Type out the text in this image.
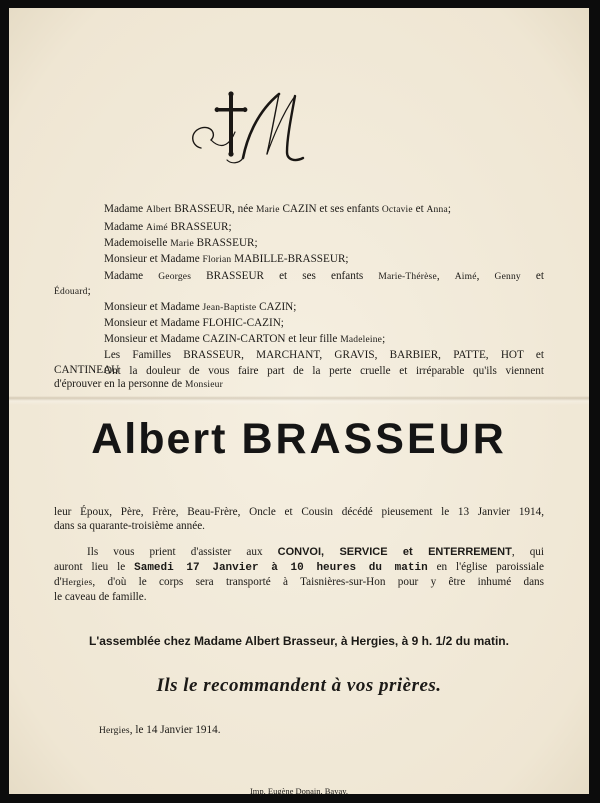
Madame Albert BRASSEUR, née Marie CAZIN et ses enfants Octavie et Anna;
Madame Aimé BRASSEUR;
Mademoiselle Marie BRASSEUR;
Monsieur et Madame Florian MABILLE-BRASSEUR;
Madame Georges BRASSEUR et ses enfants Marie-Thérèse, Aimé, Genny et
Édouard;
Monsieur et Madame Jean-Baptiste CAZIN;
Monsieur et Madame FLOHIC-CAZIN;
Monsieur et Madame CAZIN-CARTON et leur fille Madeleine;
Les Familles BRASSEUR, MARCHANT, GRAVIS, BARBIER, PATTE, HOT et
CANTINEAU
Ont la douleur de vous faire part de la perte cruelle et irréparable qu'ils viennent
d'éprouver en la personne de Monsieur
Albert BRASSEUR
leur Époux, Père, Frère, Beau-Frère, Oncle et Cousin décédé pieusement le 13 Janvier 1914,
dans sa quarante-troisième année.
Ils vous prient d'assister aux CONVOI, SERVICE et ENTERREMENT, qui
auront lieu le Samedi 17 Janvier à 10 heures du matin en l'église paroissiale
d'Hergies, d'où le corps sera transporté à Taisnières-sur-Hon pour y être inhumé dans
le caveau de famille.
L'assemblée chez Madame Albert Brasseur, à Hergies, à 9 h. 1/2 du matin.
Ils le recommandent à vos prières.
Hergies, le 14 Janvier 1914.
Imp. Eugène Donain, Bavay.
